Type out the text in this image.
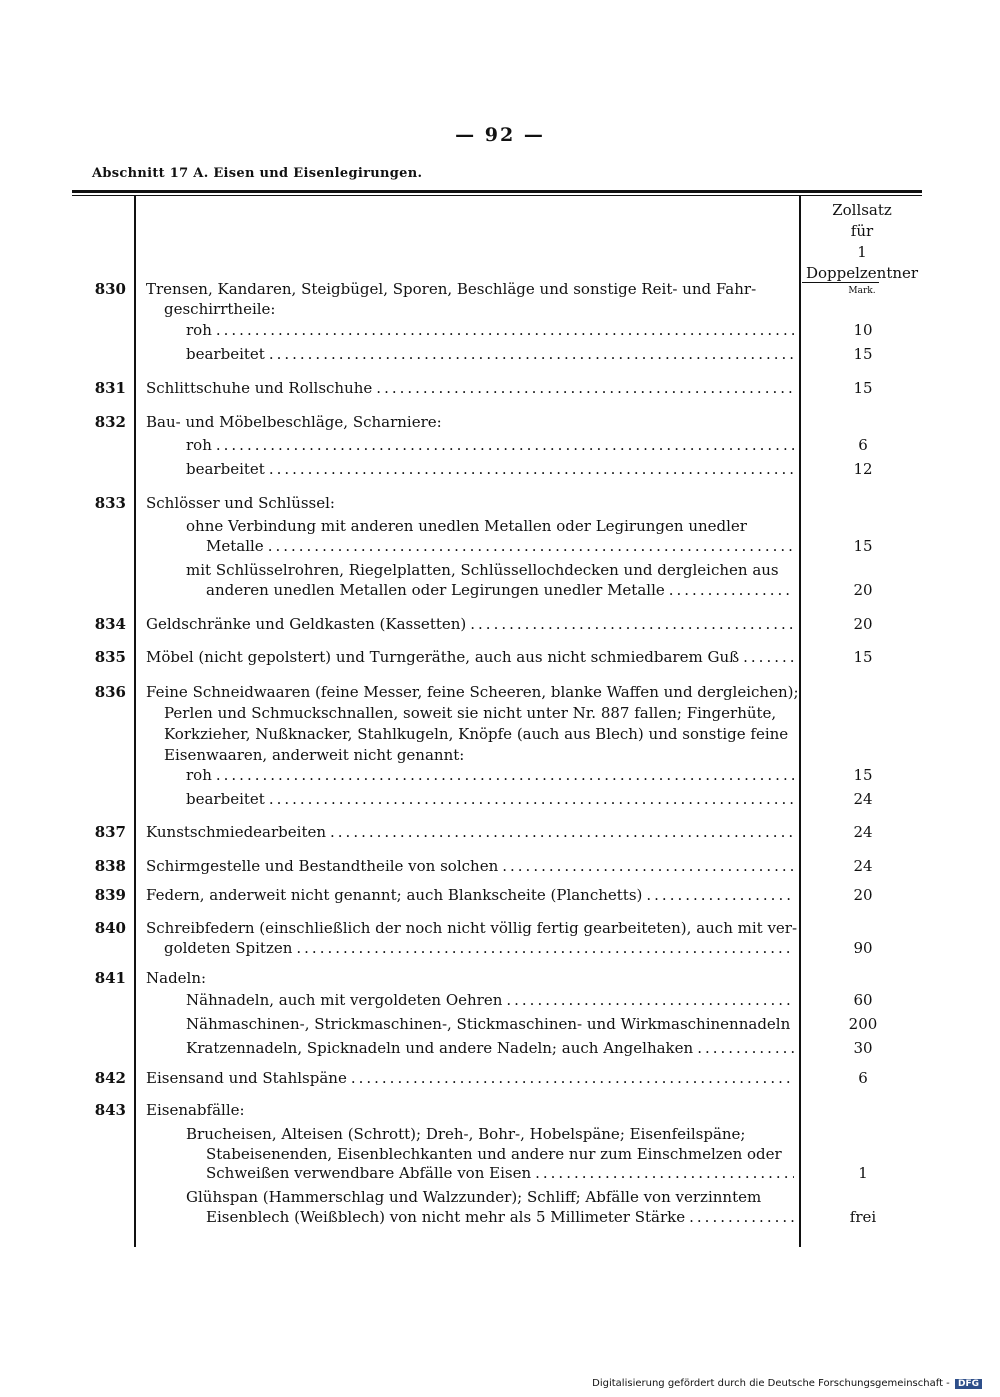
— 92 —
Abschnitt 17 A. Eisen und Eisenlegirungen.
Zollsatz
für
1 Doppelzentner
Mark.
830 Trensen, Kandaren, Steigbügel, Sporen, Beschläge und sonstige Reit- und Fahr-
geschirrtheile:
roh .....	10
bearbeitet .....	15
831 Schlittschuhe und Rollschuhe .....	15
832 Bau- und Möbelbeschläge, Scharniere:
roh .....	6
bearbeitet .....	12
833 Schlösser und Schlüssel:
ohne Verbindung mit anderen unedlen Metallen oder Legirungen unedler
Metalle .....	15
mit Schlüsselrohren, Riegelplatten, Schlüssellochdecken und dergleichen aus
anderen unedlen Metallen oder Legirungen unedler Metalle .....	20
834 Geldschränke und Geldkasten (Kassetten) .....	20
835 Möbel (nicht gepolstert) und Turngeräthe, auch aus nicht schmiedbarem Guß .....	15
836 Feine Schneidwaaren (feine Messer, feine Scheeren, blanke Waffen und dergleichen);
Perlen und Schmuckschnallen, soweit sie nicht unter Nr. 887 fallen; Fingerhüte,
Korkzieher, Nußknacker, Stahlkugeln, Knöpfe (auch aus Blech) und sonstige feine
Eisenwaaren, anderweit nicht genannt:
roh .....	15
bearbeitet .....	24
837 Kunstschmiedearbeiten .....	24
838 Schirmgestelle und Bestandtheile von solchen .....	24
839 Federn, anderweit nicht genannt; auch Blankscheite (Planchetts) .....	20
840 Schreibfedern (einschließlich der noch nicht völlig fertig gearbeiteten), auch mit ver-
goldeten Spitzen .....	90
841 Nadeln:
Nähnadeln, auch mit vergoldeten Oehren .....	60
Nähmaschinen-, Strickmaschinen-, Stickmaschinen- und Wirkmaschinennadeln .....	200
Kratzennadeln, Spicknadeln und andere Nadeln; auch Angelhaken .....	30
842 Eisensand und Stahlspäne .....	6
843 Eisenabfälle:
Brucheisen, Alteisen (Schrott); Dreh-, Bohr-, Hobelspäne; Eisenfeilspäne;
Stabeisenenden, Eisenblechkanten und andere nur zum Einschmelzen oder
Schweißen verwendbare Abfälle von Eisen .....	1
Glühspan (Hammerschlag und Walzzunder); Schliff; Abfälle von verzinntem
Eisenblech (Weißblech) von nicht mehr als 5 Millimeter Stärke .....	frei
Digitalisierung gefördert durch die Deutsche Forschungsgemeinschaft - DFG
